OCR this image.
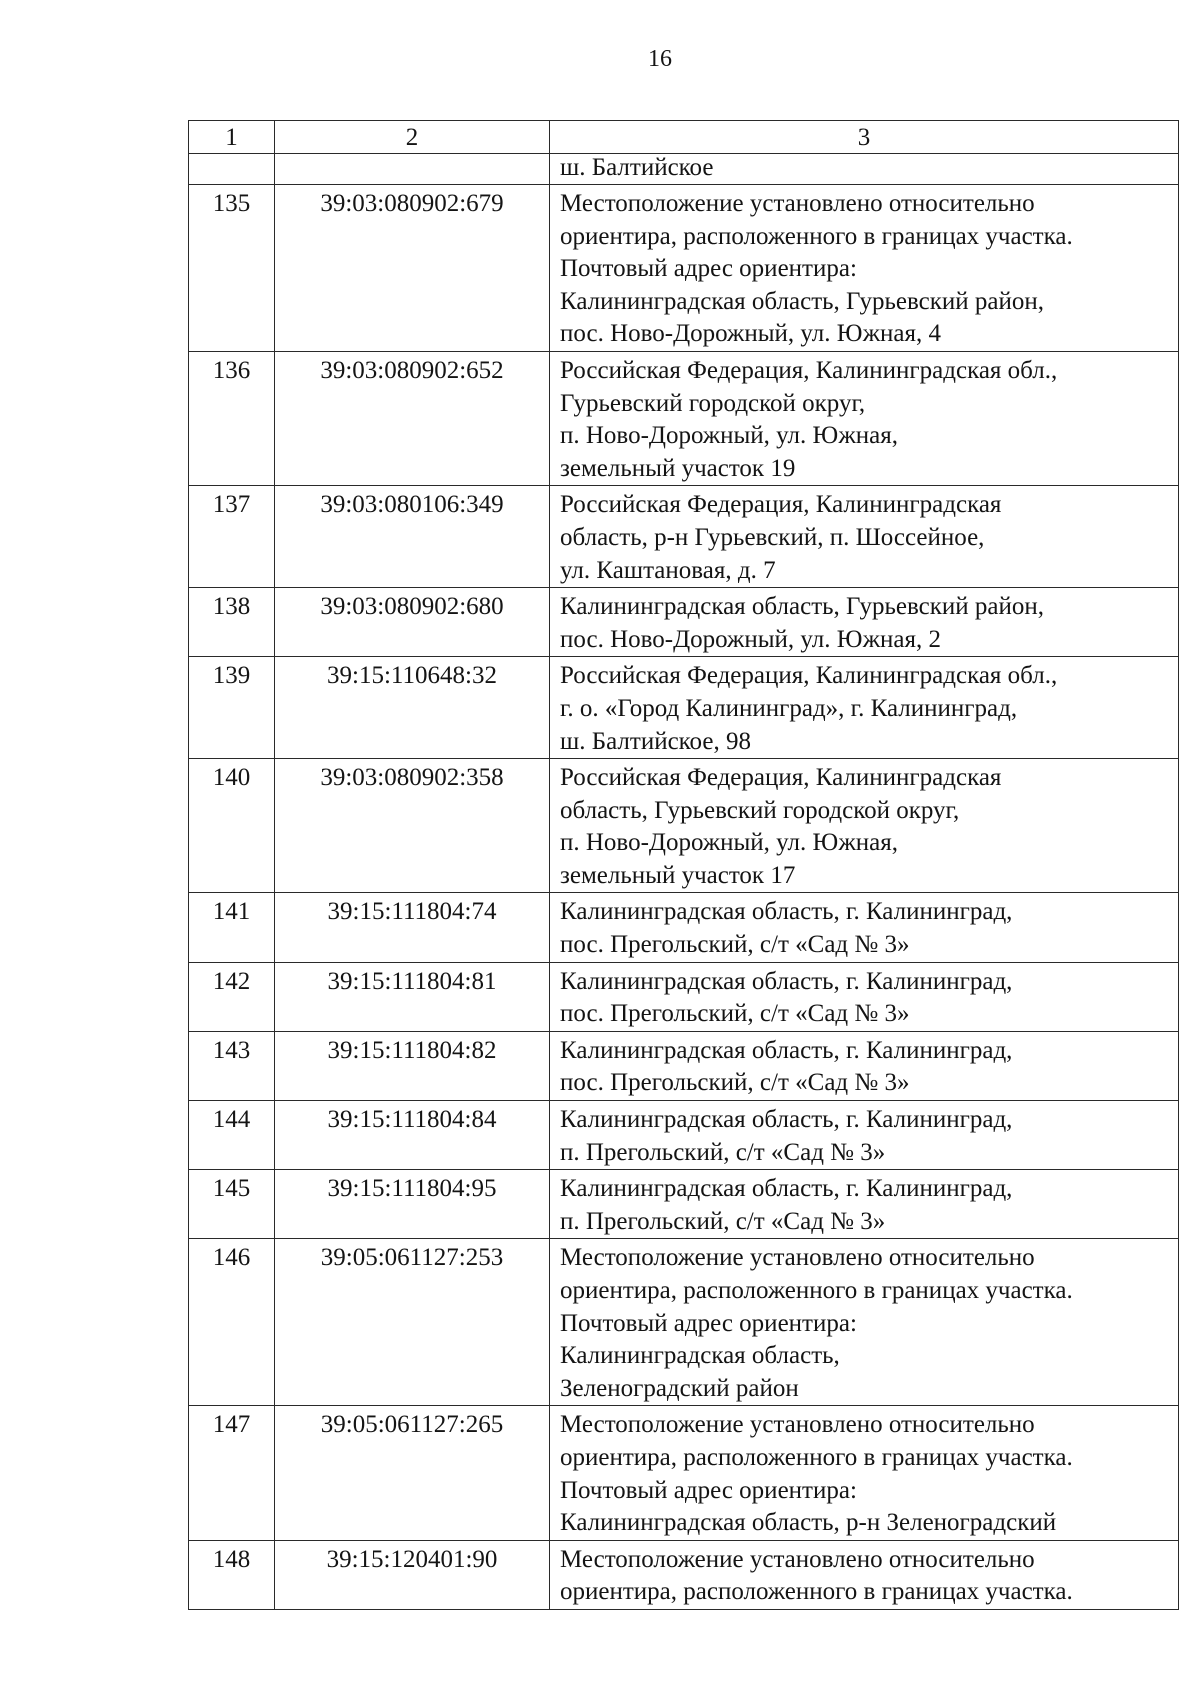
16
1	2	3

		ш. Балтийское

135	39:03:080902:679	Местоположение установлено относительно
ориентира, расположенного в границах участка.
Почтовый адрес ориентира:
Калининградская область, Гурьевский район,
пос. Ново-Дорожный, ул. Южная, 4

136	39:03:080902:652	Российская Федерация, Калининградская обл.,
Гурьевский городской округ,
п. Ново-Дорожный, ул. Южная,
земельный участок 19

137	39:03:080106:349	Российская Федерация, Калининградская
область, р-н Гурьевский, п. Шоссейное,
ул. Каштановая, д. 7

138	39:03:080902:680	Калининградская область, Гурьевский район,
пос. Ново-Дорожный, ул. Южная, 2

139	39:15:110648:32	Российская Федерация, Калининградская обл.,
г. о. «Город Калининград», г. Калининград,
ш. Балтийское, 98

140	39:03:080902:358	Российская Федерация, Калининградская
область, Гурьевский городской округ,
п. Ново-Дорожный, ул. Южная,
земельный участок 17

141	39:15:111804:74	Калининградская область, г. Калининград,
пос. Прегольский, с/т «Сад № 3»

142	39:15:111804:81	Калининградская область, г. Калининград,
пос. Прегольский, с/т «Сад № 3»

143	39:15:111804:82	Калининградская область, г. Калининград,
пос. Прегольский, с/т «Сад № 3»

144	39:15:111804:84	Калининградская область, г. Калининград,
п. Прегольский, с/т «Сад № 3»

145	39:15:111804:95	Калининградская область, г. Калининград,
п. Прегольский, с/т «Сад № 3»

146	39:05:061127:253	Местоположение установлено относительно
ориентира, расположенного в границах участка.
Почтовый адрес ориентира:
Калининградская область,
Зеленоградский район

147	39:05:061127:265	Местоположение установлено относительно
ориентира, расположенного в границах участка.
Почтовый адрес ориентира:
Калининградская область, р-н Зеленоградский

148	39:15:120401:90	Местоположение установлено относительно
ориентира, расположенного в границах участка.
